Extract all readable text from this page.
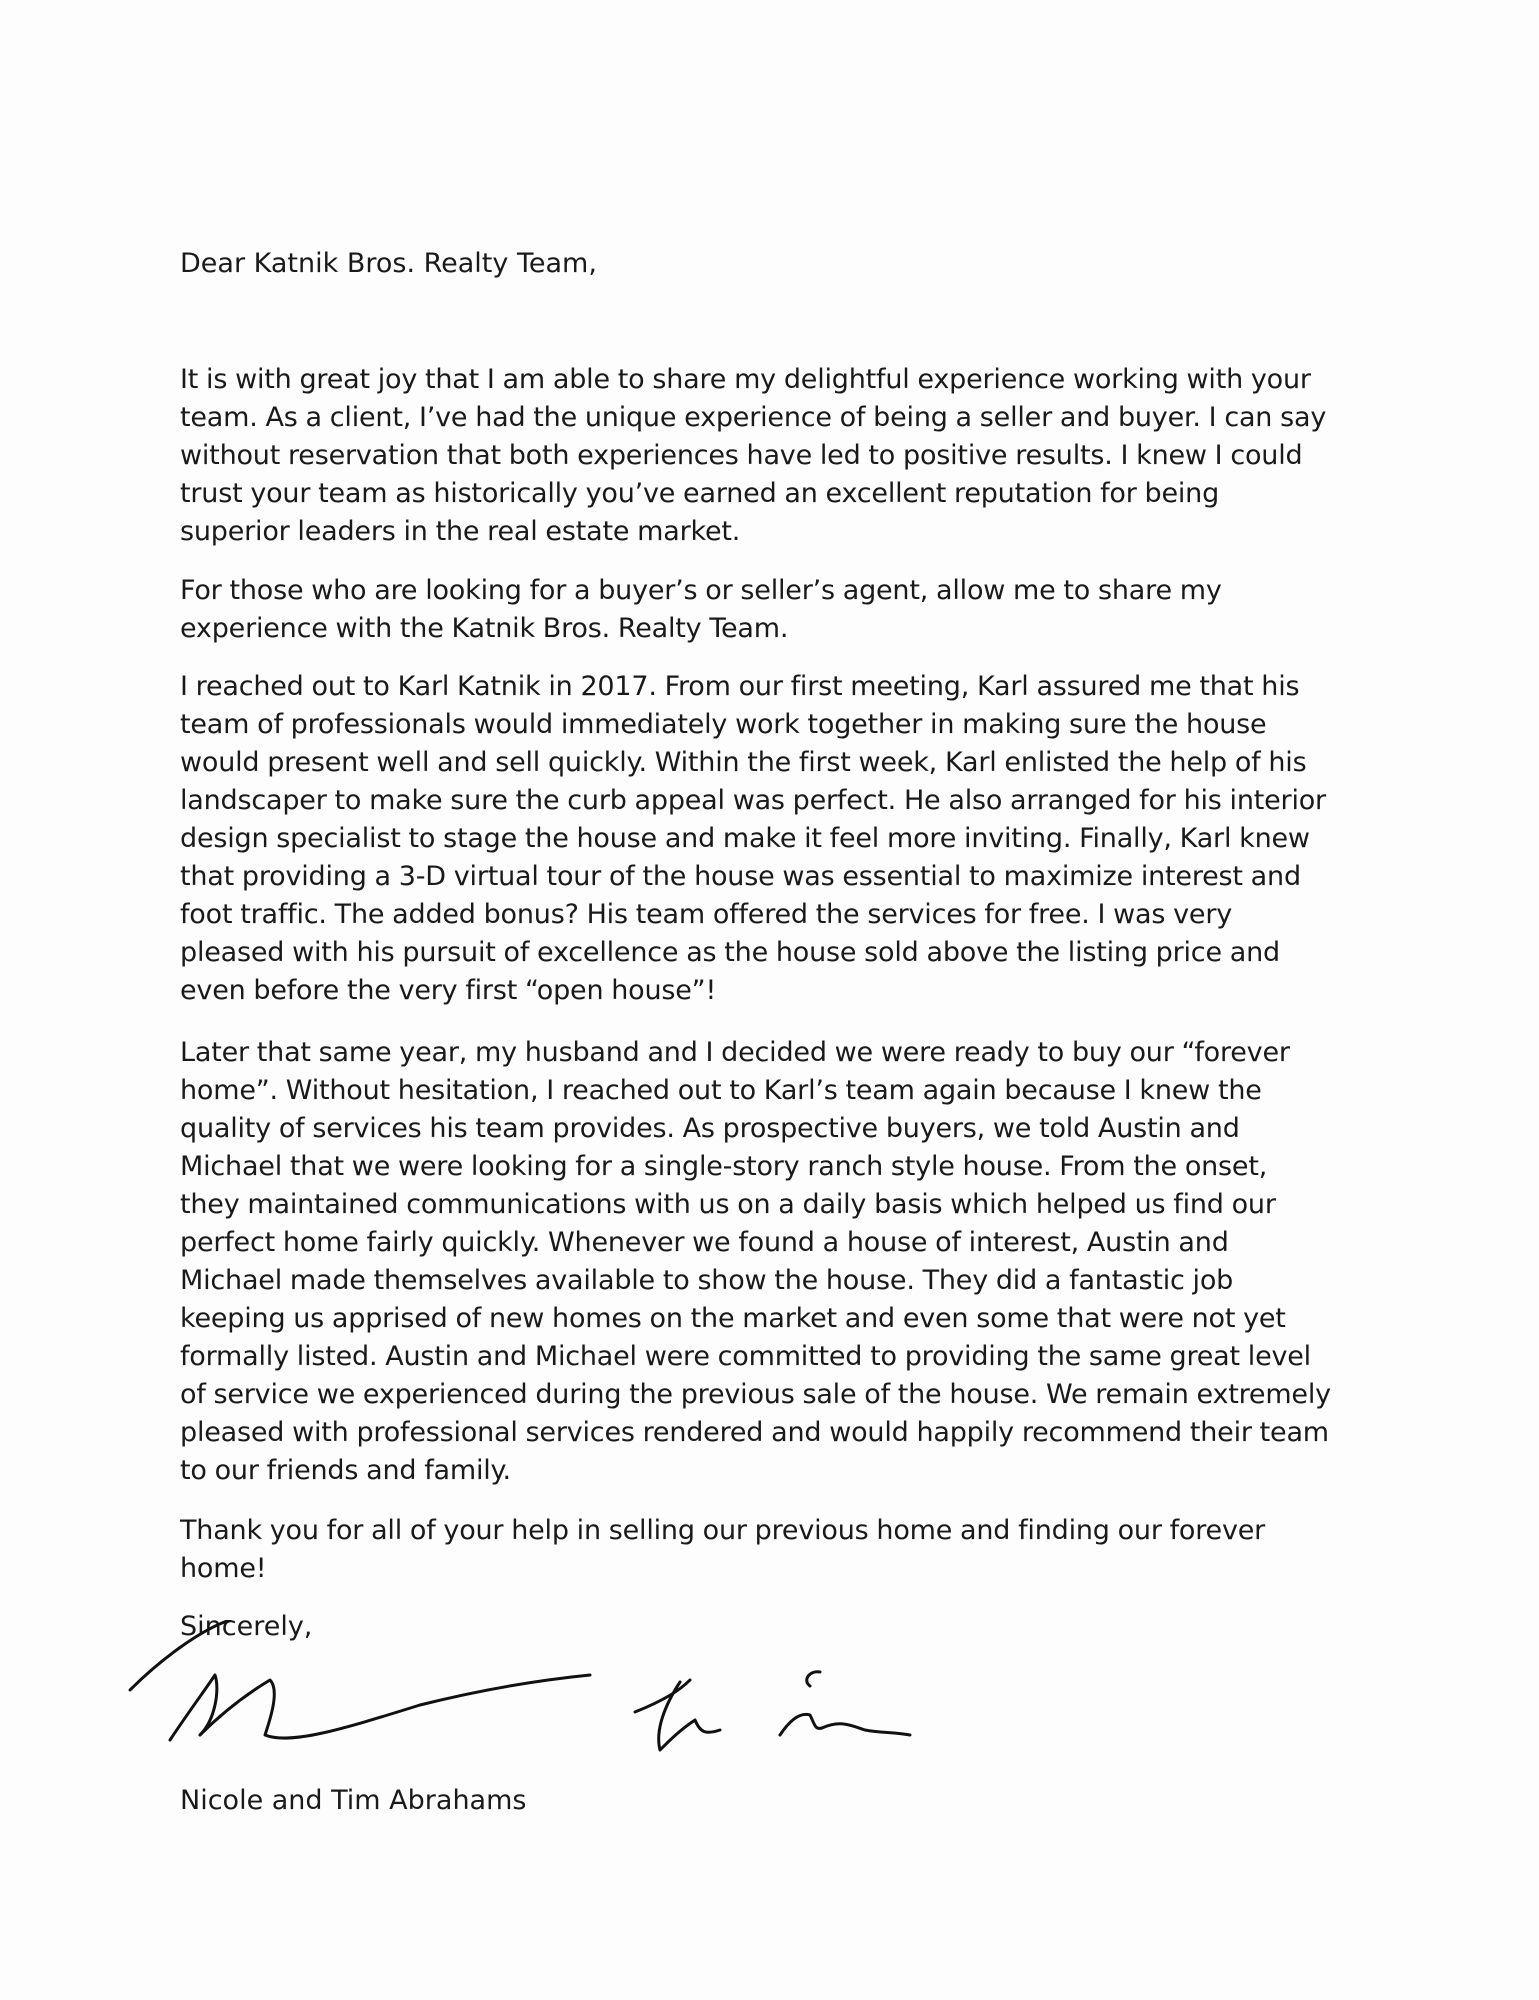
Dear Katnik Bros. Realty Team,

It is with great joy that I am able to share my delightful experience working with your
team. As a client, I’ve had the unique experience of being a seller and buyer. I can say
without reservation that both experiences have led to positive results. I knew I could
trust your team as historically you’ve earned an excellent reputation for being
superior leaders in the real estate market.

For those who are looking for a buyer’s or seller’s agent, allow me to share my
experience with the Katnik Bros. Realty Team.

I reached out to Karl Katnik in 2017. From our first meeting, Karl assured me that his
team of professionals would immediately work together in making sure the house
would present well and sell quickly. Within the first week, Karl enlisted the help of his
landscaper to make sure the curb appeal was perfect. He also arranged for his interior
design specialist to stage the house and make it feel more inviting. Finally, Karl knew
that providing a 3-D virtual tour of the house was essential to maximize interest and
foot traffic. The added bonus? His team offered the services for free. I was very
pleased with his pursuit of excellence as the house sold above the listing price and
even before the very first “open house”!

Later that same year, my husband and I decided we were ready to buy our “forever
home”. Without hesitation, I reached out to Karl’s team again because I knew the
quality of services his team provides. As prospective buyers, we told Austin and
Michael that we were looking for a single-story ranch style house. From the onset,
they maintained communications with us on a daily basis which helped us find our
perfect home fairly quickly. Whenever we found a house of interest, Austin and
Michael made themselves available to show the house. They did a fantastic job
keeping us apprised of new homes on the market and even some that were not yet
formally listed. Austin and Michael were committed to providing the same great level
of service we experienced during the previous sale of the house. We remain extremely
pleased with professional services rendered and would happily recommend their team
to our friends and family.

Thank you for all of your help in selling our previous home and finding our forever
home!

Sincerely,

Nicole and Tim Abrahams
